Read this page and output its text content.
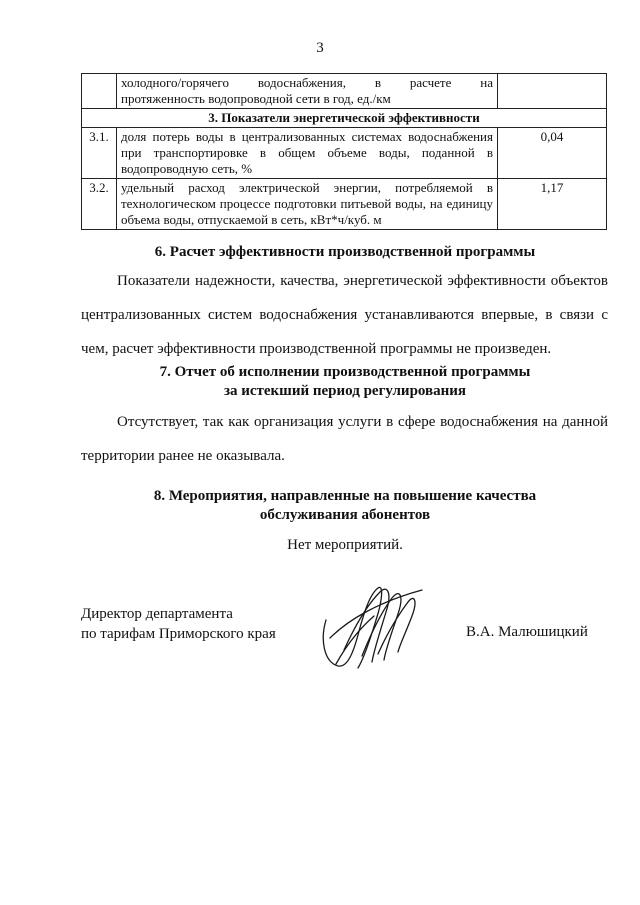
3

	холодного/горячего водоснабжения, в расчете на
протяженность водопроводной сети в год, ед./км	

3. Показатели энергетической эффективности		
3.1.	доля потерь воды в централизованных системах водоснабжения при транспортировке в общем объеме воды, поданной в водопроводную сеть, %	0,04
3.2.	удельный расход электрической энергии, потребляемой в технологическом процессе подготовки питьевой воды, на единицу объема воды, отпускаемой в сеть, кВт*ч/куб. м	1,17
6. Расчет эффективности производственной программы
Показатели надежности, качества, энергетической эффективности объектов централизованных систем водоснабжения устанавливаются впервые, в связи с чем, расчет эффективности производственной программы не произведен.
7. Отчет об исполнении производственной программы
за истекший период регулирования
Отсутствует, так как организация услуги в сфере водоснабжения на данной территории ранее не оказывала.
8. Мероприятия, направленные на повышение качества
обслуживания абонентов
Нет мероприятий.
Директор департамента
по тарифам Приморского края	В.А. Малюшицкий
